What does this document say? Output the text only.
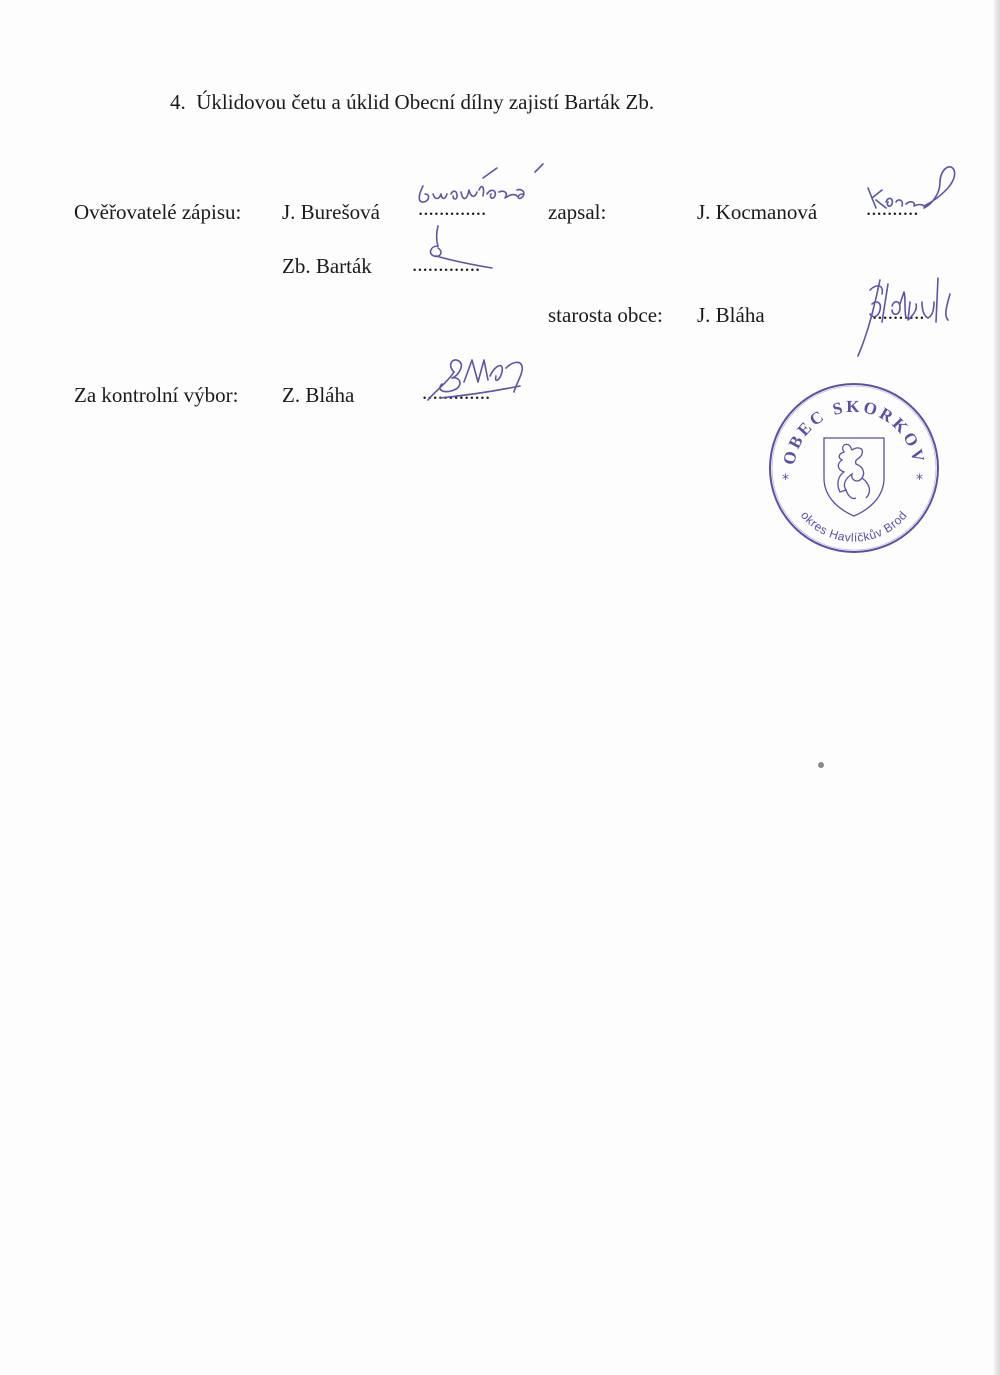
4. Úklidovou četu a úklid Obecní dílny zajistí Barták Zb.
Ověřovatelé zápisu: J. Burešová .............	zapsal:	J. Kocmanová ..........
Zb. Barták .............
starosta obce: J. Bláha	..........
Za kontrolní výbor: Z. Bláha	.............
OBEC SKORKOV
okres Havlíčkův Brod
*	*
